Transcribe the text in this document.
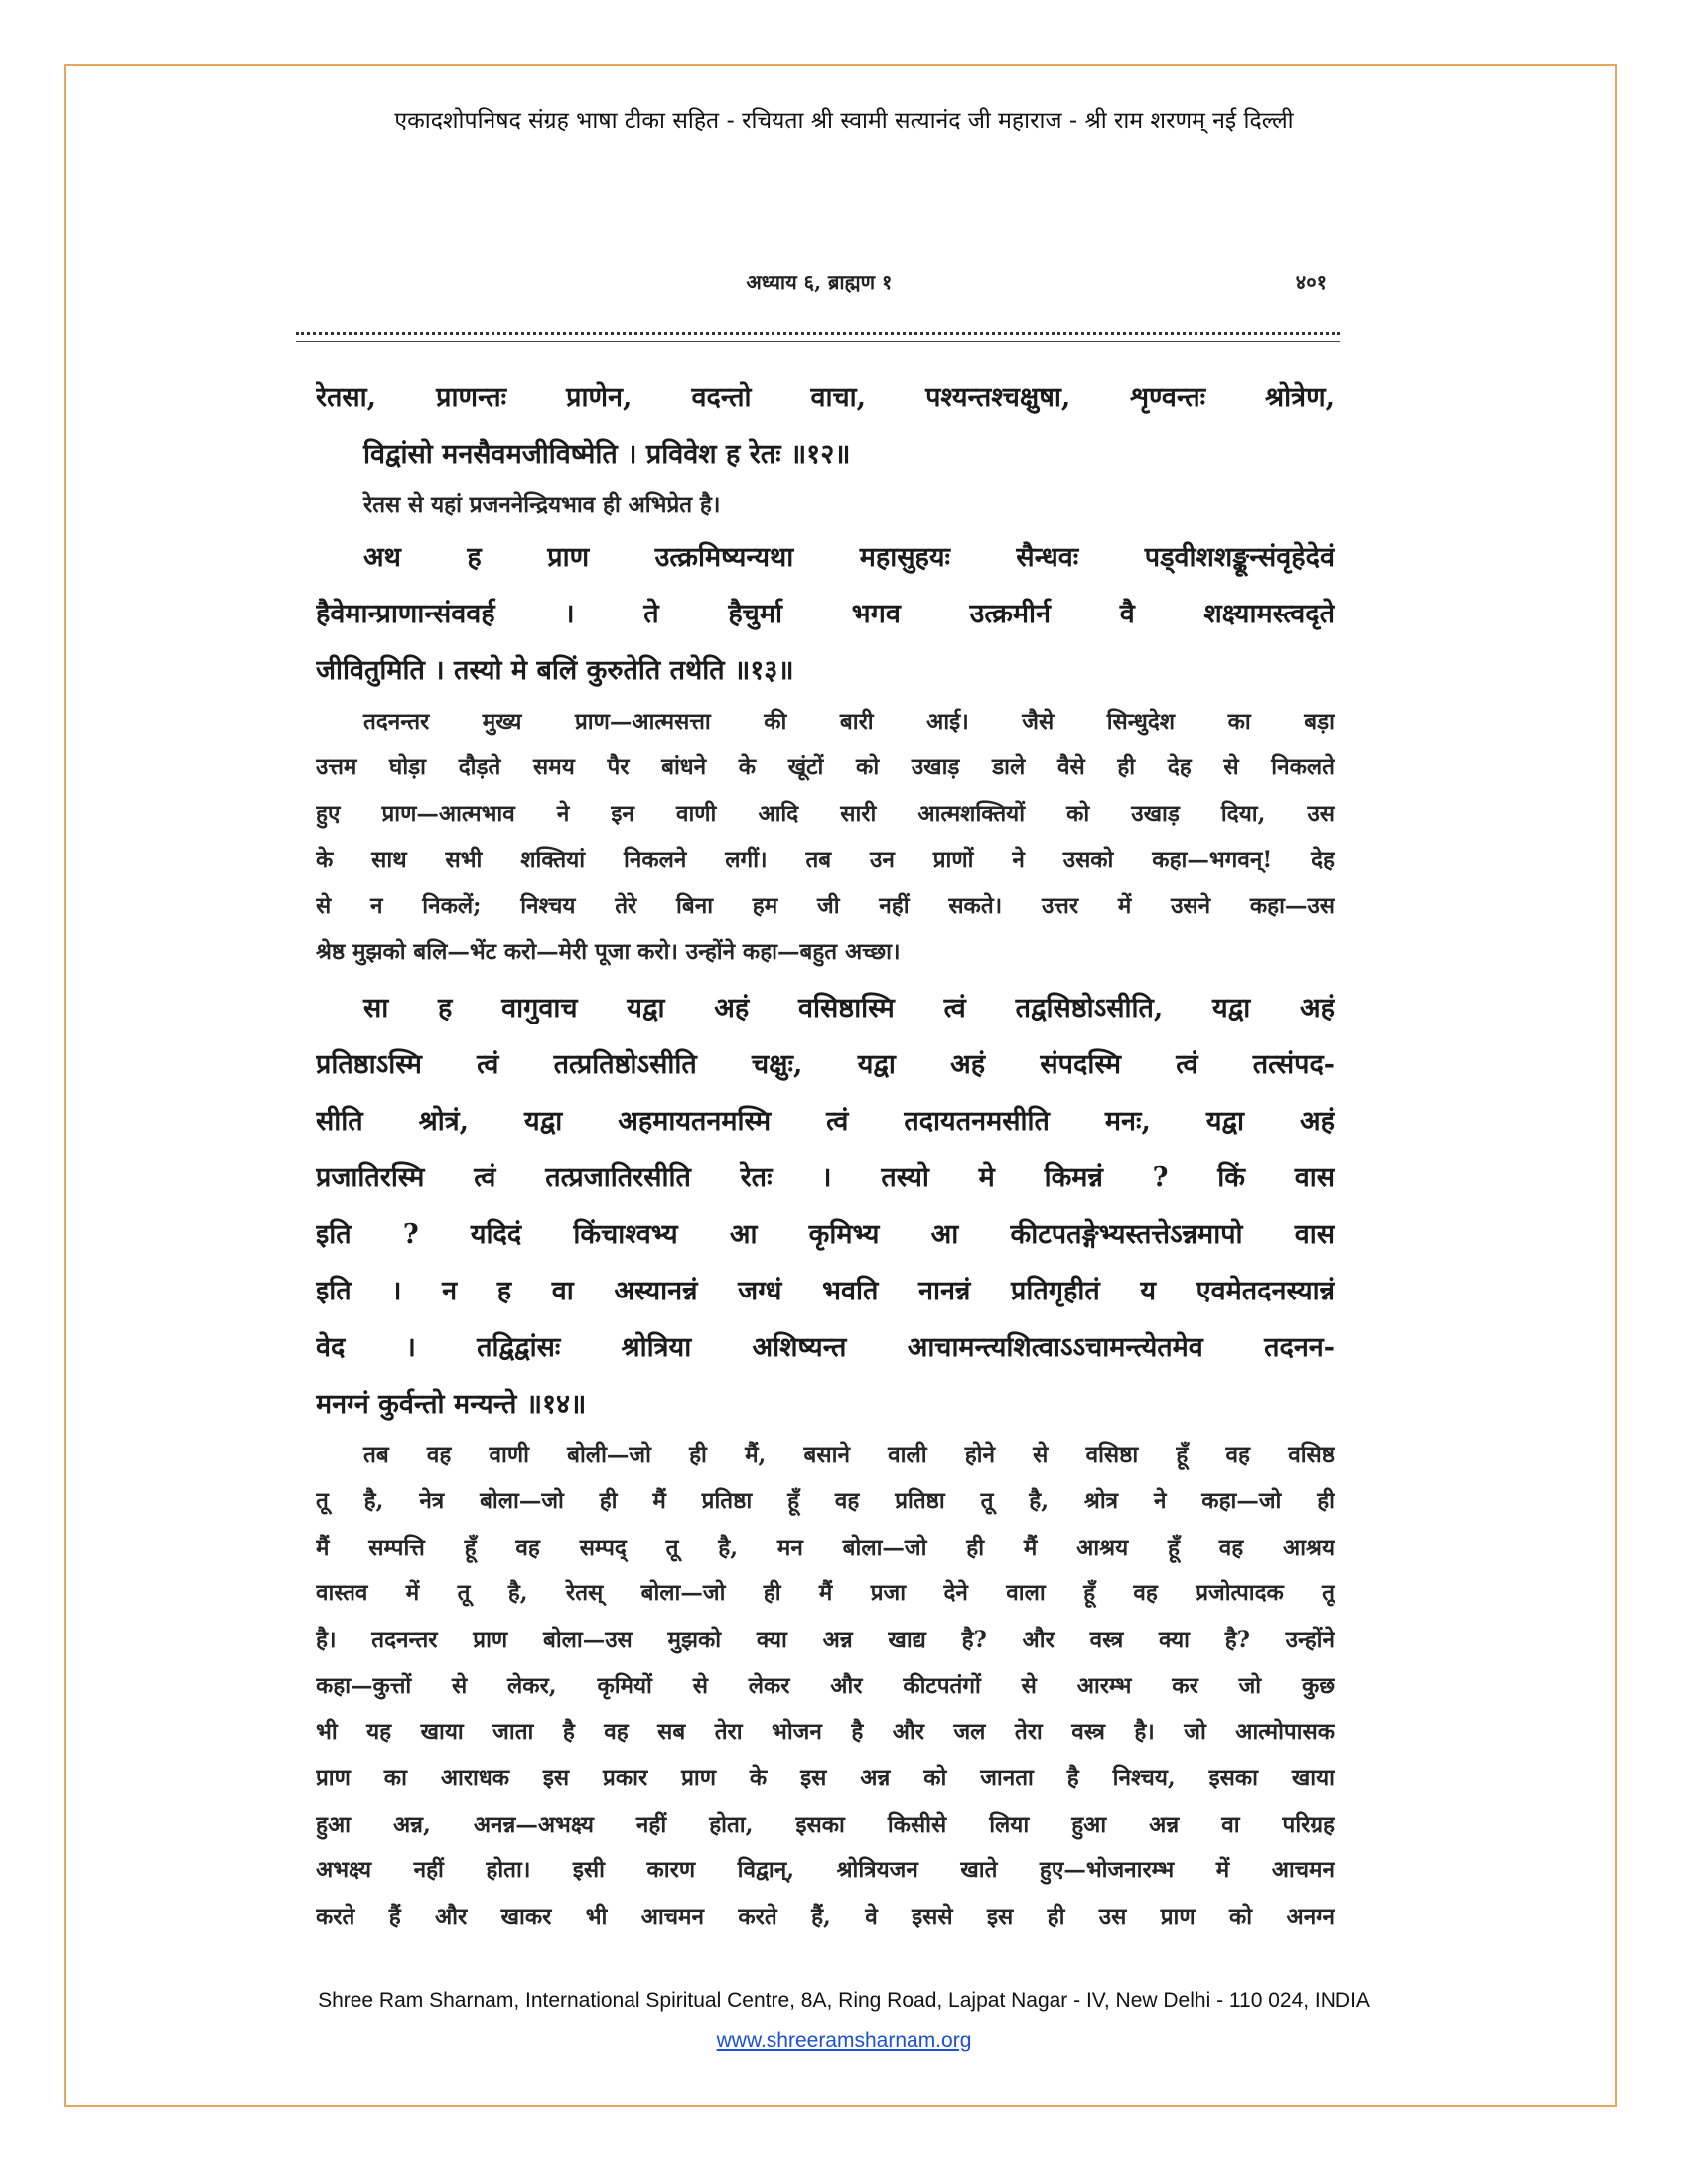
एकादशोपनिषद संग्रह भाषा टीका सहित - रचियता श्री स्वामी सत्यानंद जी महाराज - श्री राम शरणम् नई दिल्ली
अध्याय ६, ब्राह्मण १	४०१

रेतसा, प्राणन्तः प्राणेन, वदन्तो वाचा, पश्यन्तश्चक्षुषा, शृण्वन्तः श्रोत्रेण,

विद्वांसो मनसैवमजीविष्मेति । प्रविवेश ह रेतः ॥१२॥

रेतस से यहां प्रजननेन्द्रियभाव ही अभिप्रेत है।

अथ ह प्राण उत्क्रमिष्यन्यथा महासुहयः सैन्धवः पड्वीशशङ्कून्संवृहेदेवं

हैवेमान्प्राणान्संववर्ह । ते हैचुर्मा भगव उत्क्रमीर्न वै शक्ष्यामस्त्वदृते

जीवितुमिति । तस्यो मे बलिं कुरुतेति तथेति ॥१३॥

तदनन्तर मुख्य प्राण—आत्मसत्ता की बारी आई। जैसे सिन्धुदेश का बड़ा

उत्तम घोड़ा दौड़ते समय पैर बांधने के खूंटों को उखाड़ डाले वैसे ही देह से निकलते

हुए प्राण—आत्मभाव ने इन वाणी आदि सारी आत्मशक्तियों को उखाड़ दिया, उस

के साथ सभी शक्तियां निकलने लगीं। तब उन प्राणों ने उसको कहा—भगवन्! देह

से न निकलें; निश्चय तेरे बिना हम जी नहीं सकते। उत्तर में उसने कहा—उस

श्रेष्ठ मुझको बलि—भेंट करो—मेरी पूजा करो। उन्होंने कहा—बहुत अच्छा।

सा ह वागुवाच यद्वा अहं वसिष्ठास्मि त्वं तद्वसिष्ठोऽसीति, यद्वा अहं

प्रतिष्ठाऽस्मि त्वं तत्प्रतिष्ठोऽसीति चक्षुः, यद्वा अहं संपदस्मि त्वं तत्संपद-

सीति श्रोत्रं, यद्वा अहमायतनमस्मि त्वं तदायतनमसीति मनः, यद्वा अहं

प्रजातिरस्मि त्वं तत्प्रजातिरसीति रेतः । तस्यो मे किमन्नं ? किं वास

इति ? यदिदं किंचाश्वभ्य आ कृमिभ्य आ कीटपतङ्गेभ्यस्तत्तेऽन्नमापो वास

इति । न ह वा अस्यानन्नं जग्धं भवति नानन्नं प्रतिगृहीतं य एवमेतदनस्यान्नं

वेद । तद्विद्वांसः श्रोत्रिया अशिष्यन्त आचामन्त्यशित्वाऽऽचामन्त्येतमेव तदनन-

मनग्नं कुर्वन्तो मन्यन्ते ॥१४॥

तब वह वाणी बोली—जो ही मैं, बसाने वाली होने से वसिष्ठा हूँ वह वसिष्ठ

तू है, नेत्र बोला—जो ही मैं प्रतिष्ठा हूँ वह प्रतिष्ठा तू है, श्रोत्र ने कहा—जो ही

मैं सम्पत्ति हूँ वह सम्पद् तू है, मन बोला—जो ही मैं आश्रय हूँ वह आश्रय

वास्तव में तू है, रेतस् बोला—जो ही मैं प्रजा देने वाला हूँ वह प्रजोत्पादक तू

है। तदनन्तर प्राण बोला—उस मुझको क्या अन्न खाद्य है? और वस्त्र क्या है? उन्होंने

कहा—कुत्तों से लेकर, कृमियों से लेकर और कीटपतंगों से आरम्भ कर जो कुछ

भी यह खाया जाता है वह सब तेरा भोजन है और जल तेरा वस्त्र है। जो आत्मोपासक

प्राण का आराधक इस प्रकार प्राण के इस अन्न को जानता है निश्चय, इसका खाया

हुआ अन्न, अनन्न—अभक्ष्य नहीं होता, इसका किसीसे लिया हुआ अन्न वा परिग्रह

अभक्ष्य नहीं होता। इसी कारण विद्वान्, श्रोत्रियजन खाते हुए—भोजनारम्भ में आचमन

करते हैं और खाकर भी आचमन करते हैं, वे इससे इस ही उस प्राण को अनग्न

Shree Ram Sharnam, International Spiritual Centre, 8A, Ring Road, Lajpat Nagar - IV, New Delhi - 110 024, INDIA
www.shreeramsharnam.org
